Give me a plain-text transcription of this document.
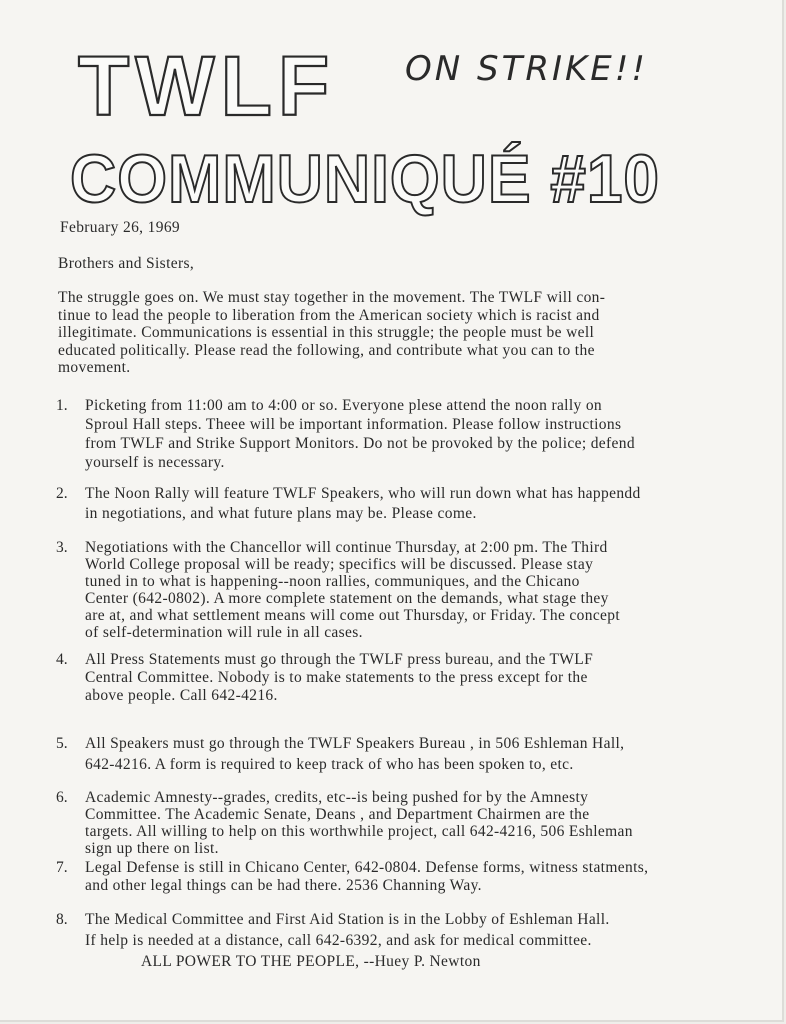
TWLF ON STRIKE!!
COMMUNIQUÉ #10
February 26, 1969
Brothers and Sisters,
The struggle goes on. We must stay together in the movement. The TWLF will con-
tinue to lead the people to liberation from the American society which is racist and
illegitimate. Communications is essential in this struggle; the people must be well
educated politically. Please read the following, and contribute what you can to the
movement.
1. Picketing from 11:00 am to 4:00 or so. Everyone plese attend the noon rally on
Sproul Hall steps. Theee will be important information. Please follow instructions
from TWLF and Strike Support Monitors. Do not be provoked by the police; defend
yourself is necessary.
2. The Noon Rally will feature TWLF Speakers, who will run down what has happendd
in negotiations, and what future plans may be. Please come.
3. Negotiations with the Chancellor will continue Thursday, at 2:00 pm. The Third
World College proposal will be ready; specifics will be discussed. Please stay
tuned in to what is happening--noon rallies, communiques, and the Chicano
Center (642-0802). A more complete statement on the demands, what stage they
are at, and what settlement means will come out Thursday, or Friday. The concept
of self-determination will rule in all cases.
4. All Press Statements must go through the TWLF press bureau, and the TWLF
Central Committee. Nobody is to make statements to the press except for the
above people. Call 642-4216.
5. All Speakers must go through the TWLF Speakers Bureau , in 506 Eshleman Hall,
642-4216. A form is required to keep track of who has been spoken to, etc.
6. Academic Amnesty--grades, credits, etc--is being pushed for by the Amnesty
Committee. The Academic Senate, Deans , and Department Chairmen are the
targets. All willing to help on this worthwhile project, call 642-4216, 506 Eshleman
sign up there on list.
7. Legal Defense is still in Chicano Center, 642-0804. Defense forms, witness statments,
and other legal things can be had there. 2536 Channing Way.
8. The Medical Committee and First Aid Station is in the Lobby of Eshleman Hall.
If help is needed at a distance, call 642-6392, and ask for medical committee.
ALL POWER TO THE PEOPLE, --Huey P. Newton
